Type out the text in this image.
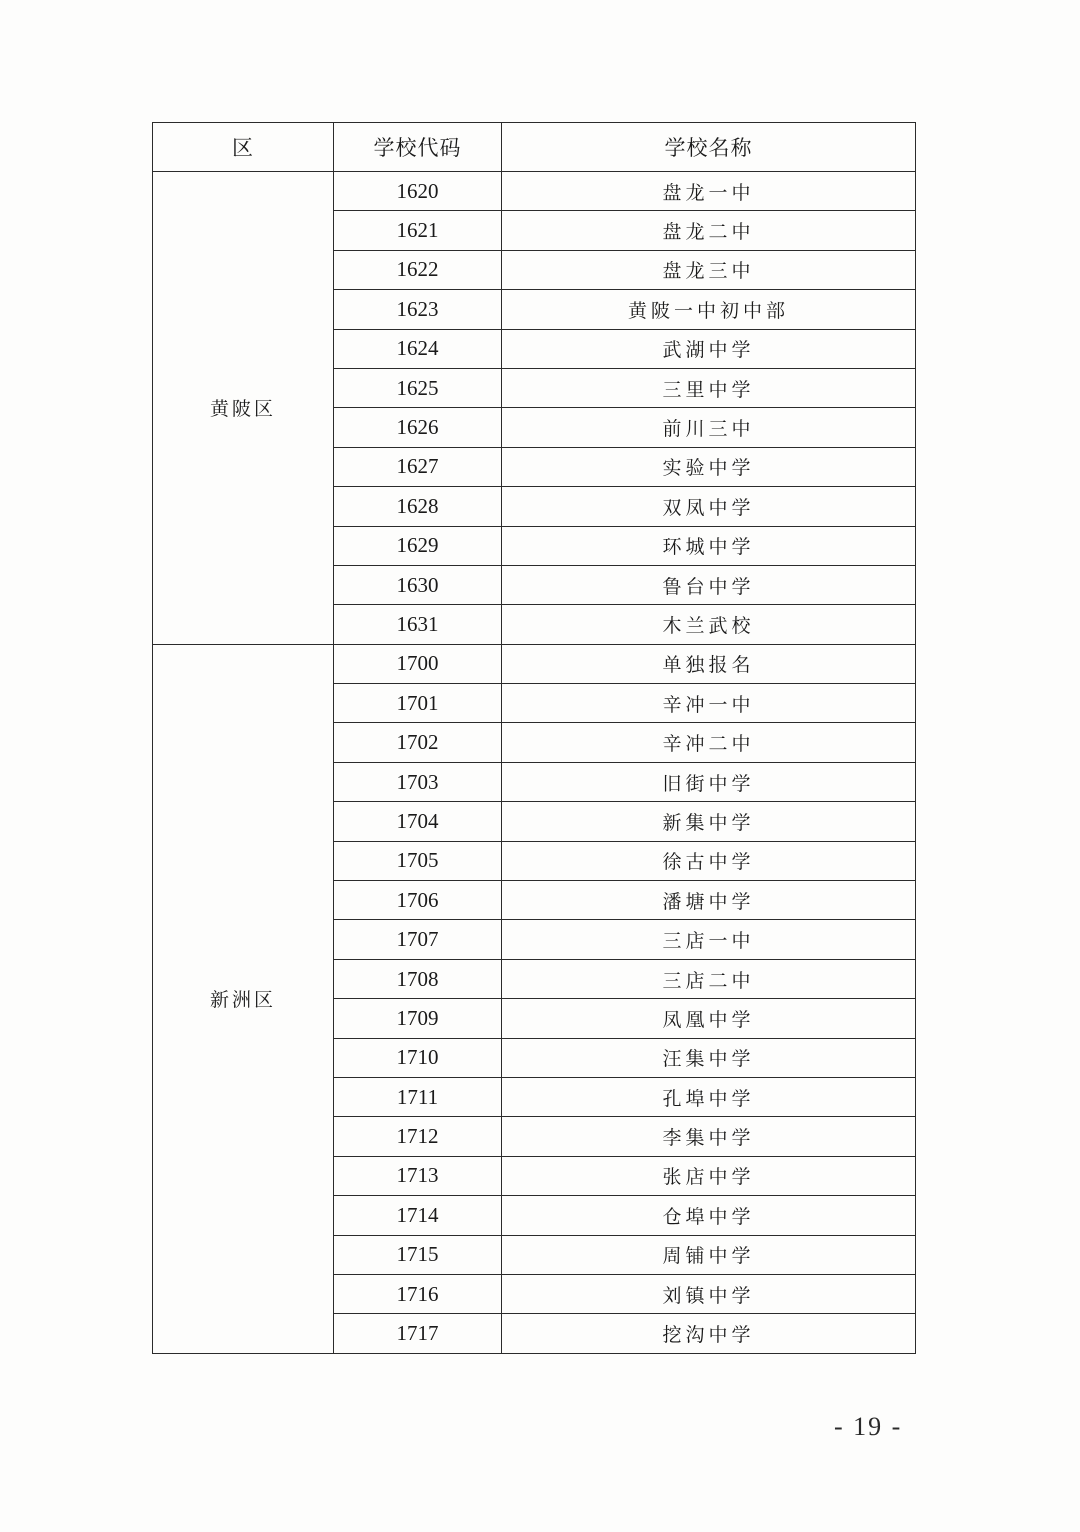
区	学校代码	学校名称
黄陂区	1620	盘龙一中
	1621	盘龙二中
	1622	盘龙三中
	1623	黄陂一中初中部
	1624	武湖中学
	1625	三里中学
	1626	前川三中
	1627	实验中学
	1628	双凤中学
	1629	环城中学
	1630	鲁台中学
	1631	木兰武校
新洲区	1700	单独报名
	1701	辛冲一中
	1702	辛冲二中
	1703	旧街中学
	1704	新集中学
	1705	徐古中学
	1706	潘塘中学
	1707	三店一中
	1708	三店二中
	1709	凤凰中学
	1710	汪集中学
	1711	孔埠中学
	1712	李集中学
	1713	张店中学
	1714	仓埠中学
	1715	周铺中学
	1716	刘镇中学
	1717	挖沟中学
- 19 -
